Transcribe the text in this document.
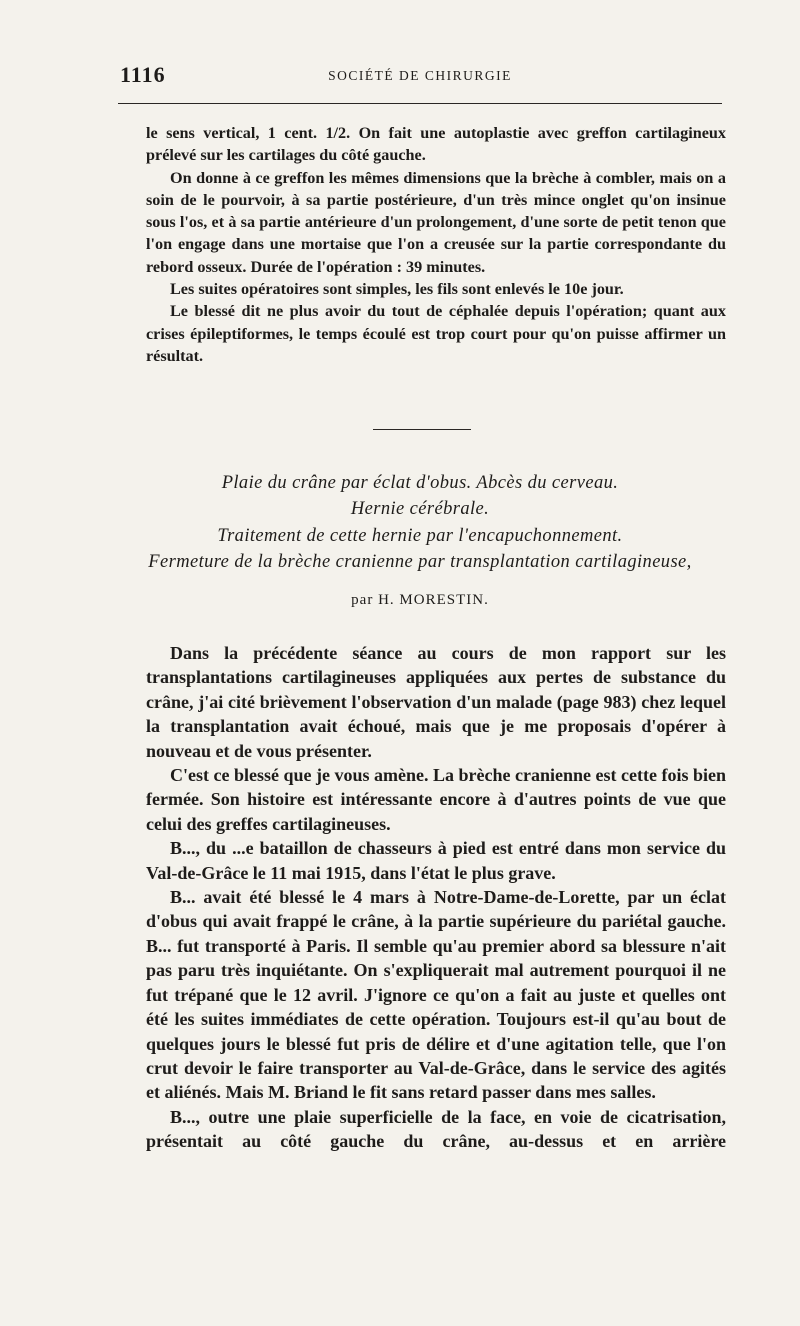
1116	SOCIÉTÉ DE CHIRURGIE

le sens vertical, 1 cent. 1/2. On fait une autoplastie avec greffon cartilagineux prélevé sur les cartilages du côté gauche.

On donne à ce greffon les mêmes dimensions que la brèche à combler, mais on a soin de le pourvoir, à sa partie postérieure, d'un très mince onglet qu'on insinue sous l'os, et à sa partie antérieure d'un prolongement, d'une sorte de petit tenon que l'on engage dans une mortaise que l'on a creusée sur la partie correspondante du rebord osseux. Durée de l'opération : 39 minutes.

Les suites opératoires sont simples, les fils sont enlevés le 10e jour.

Le blessé dit ne plus avoir du tout de céphalée depuis l'opération; quant aux crises épileptiformes, le temps écoulé est trop court pour qu'on puisse affirmer un résultat.

Plaie du crâne par éclat d'obus. Abcès du cerveau.
Hernie cérébrale.
Traitement de cette hernie par l'encapuchonnement.
Fermeture de la brèche cranienne par transplantation cartilagineuse,
par H. MORESTIN.

Dans la précédente séance au cours de mon rapport sur les transplantations cartilagineuses appliquées aux pertes de substance du crâne, j'ai cité brièvement l'observation d'un malade (page 983) chez lequel la transplantation avait échoué, mais que je me proposais d'opérer à nouveau et de vous présenter.

C'est ce blessé que je vous amène. La brèche cranienne est cette fois bien fermée. Son histoire est intéressante encore à d'autres points de vue que celui des greffes cartilagineuses.

B..., du ...e bataillon de chasseurs à pied est entré dans mon service du Val-de-Grâce le 11 mai 1915, dans l'état le plus grave.

B... avait été blessé le 4 mars à Notre-Dame-de-Lorette, par un éclat d'obus qui avait frappé le crâne, à la partie supérieure du pariétal gauche. B... fut transporté à Paris. Il semble qu'au premier abord sa blessure n'ait pas paru très inquiétante. On s'expliquerait mal autrement pourquoi il ne fut trépané que le 12 avril. J'ignore ce qu'on a fait au juste et quelles ont été les suites immédiates de cette opération. Toujours est-il qu'au bout de quelques jours le blessé fut pris de délire et d'une agitation telle, que l'on crut devoir le faire transporter au Val-de-Grâce, dans le service des agités et aliénés. Mais M. Briand le fit sans retard passer dans mes salles.

B..., outre une plaie superficielle de la face, en voie de cicatrisation, présentait au côté gauche du crâne, au-dessus et en arrière
